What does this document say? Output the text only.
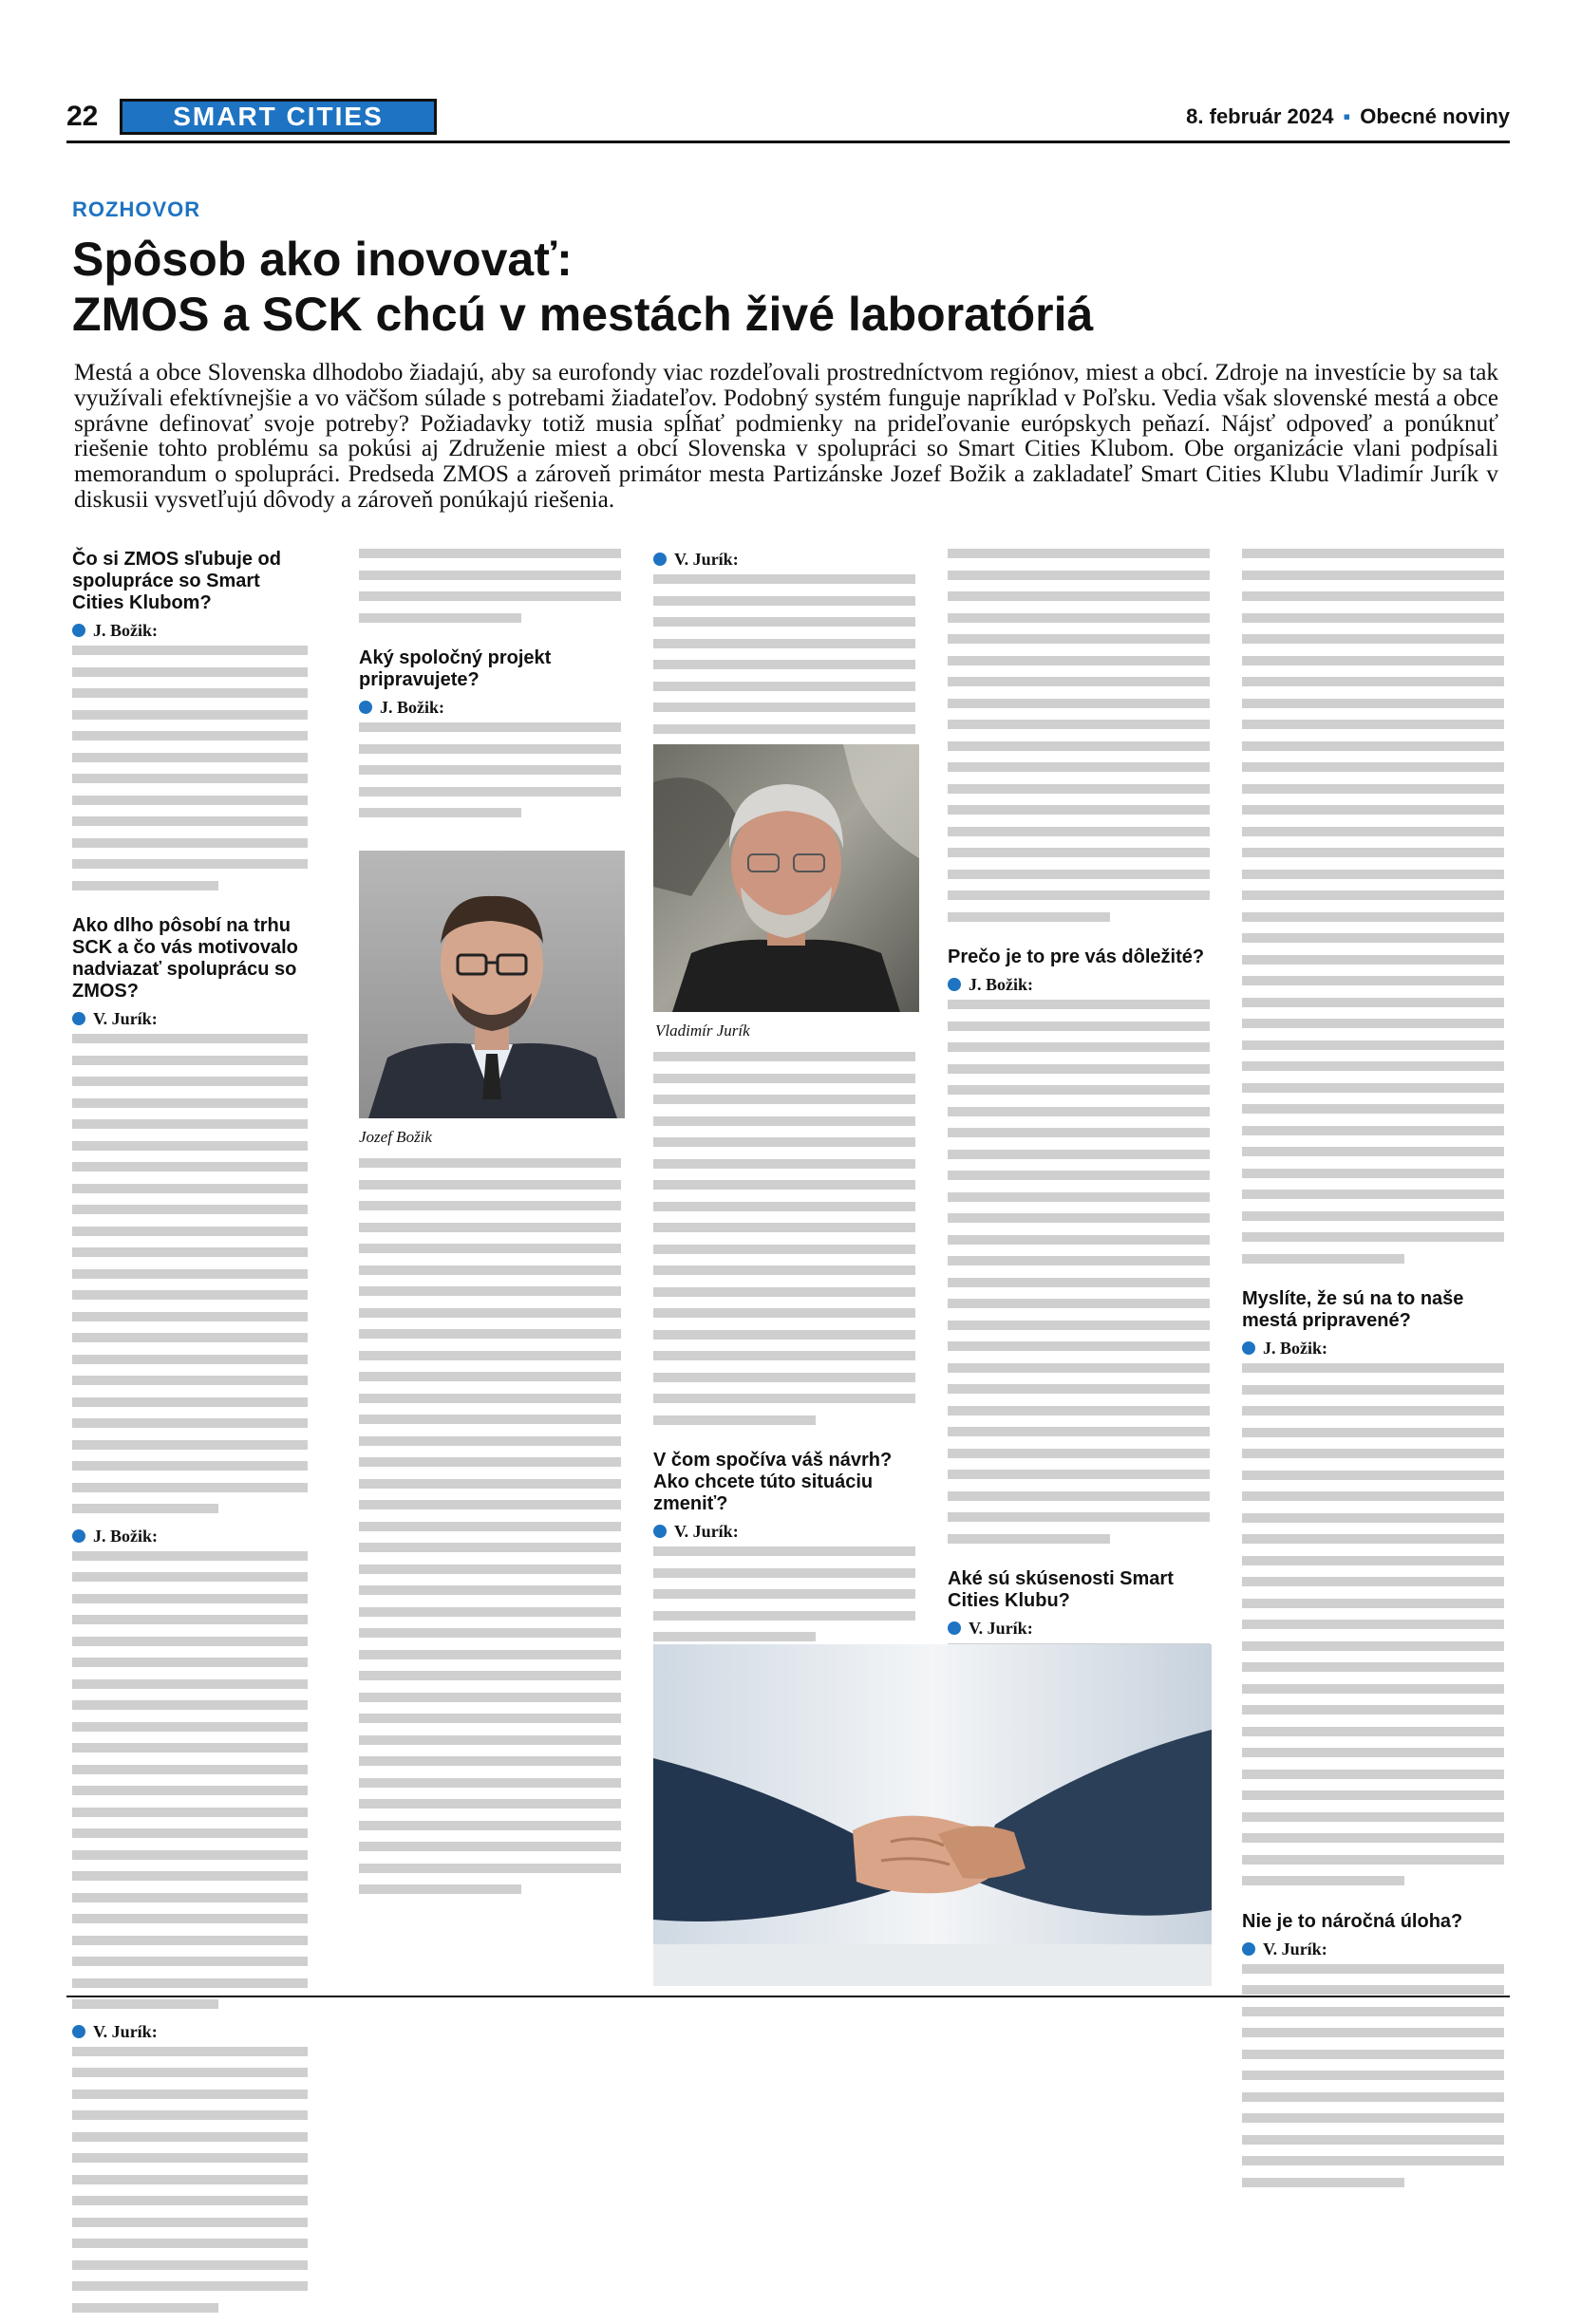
22	SMART CITIES	8. február 2024 ▪ Obecné noviny
ROZHOVOR
Spôsob ako inovovať:
ZMOS a SCK chcú v mestách živé laboratóriá

Mestá a obce Slovenska dlhodobo žiadajú, aby sa eurofondy viac rozdeľovali prostredníctvom regiónov, miest a obcí. Zdroje na investície by sa tak využívali efektívnejšie a vo väčšom súlade s potrebami žiadateľov. Podobný systém funguje napríklad v Poľsku. Vedia však slovenské mestá a obce správne definovať svoje potreby? Požiadavky totiž musia spĺňať podmienky na prideľovanie európskych peňazí. Nájsť odpoveď a ponúknuť riešenie tohto problému sa pokúsi aj Združenie miest a obcí Slovenska v spolupráci so Smart Cities Klubom. Obe organizácie vlani podpísali memorandum o spolupráci. Predseda ZMOS a zároveň primátor mesta Partizánske Jozef Božik a zakladateľ Smart Cities Klubu Vladimír Jurík v diskusii vysvetľujú dôvody a zároveň ponúkajú riešenia.

Čo si ZMOS sľubuje od spolupráce so Smart Cities Klubom?
J. Božik:
Ako dlho pôsobí na trhu SCK a čo vás motivovalo nadviazať spoluprácu so ZMOS?
V. Jurík:
J. Božik:
V. Jurík:
Aký spoločný projekt pripravujete?
J. Božik:
Jozef Božik
V. Jurík:
Vladimír Jurík
V čom spočíva váš návrh? Ako chcete túto situáciu zmeniť?
V. Jurík:
Prečo je to pre vás dôležité?
J. Božik:
Aké sú skúsenosti Smart Cities Klubu?
V. Jurík:
Myslíte, že sú na to naše mestá pripravené?
J. Božik:
Nie je to náročná úloha?
V. Jurík:
